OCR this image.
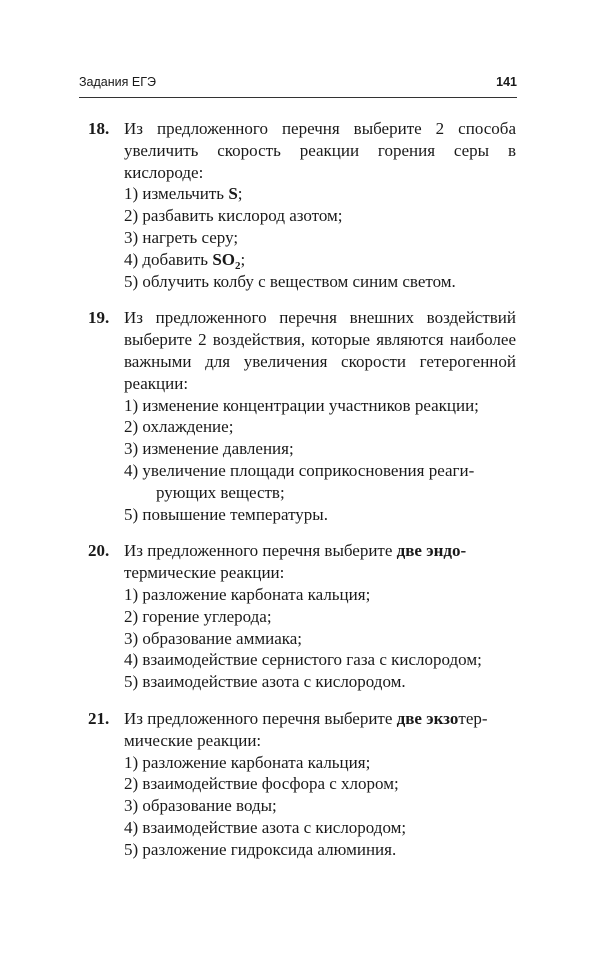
Задания ЕГЭ	141
18. Из предложенного перечня выберите 2 способа увеличить скорость реакции горения серы в кислороде:
1) измельчить S;
2) разбавить кислород азотом;
3) нагреть серу;
4) добавить $SO_2$;
5) облучить колбу с веществом синим светом.
19. Из предложенного перечня внешних воздействий выберите 2 воздействия, которые являются наиболее важными для увеличения скорости гетерогенной реакции:
1) изменение концентрации участников реакции;
2) охлаждение;
3) изменение давления;
4) увеличение площади соприкосновения реаги-
рующих веществ;
5) повышение температуры.
20. Из предложенного перечня выберите две эндо-
термические реакции:
1) разложение карбоната кальция;
2) горение углерода;
3) образование аммиака;
4) взаимодействие сернистого газа с кислородом;
5) взаимодействие азота с кислородом.
21. Из предложенного перечня выберите две экзотер-
мические реакции:
1) разложение карбоната кальция;
2) взаимодействие фосфора с хлором;
3) образование воды;
4) взаимодействие азота с кислородом;
5) разложение гидроксида алюминия.
